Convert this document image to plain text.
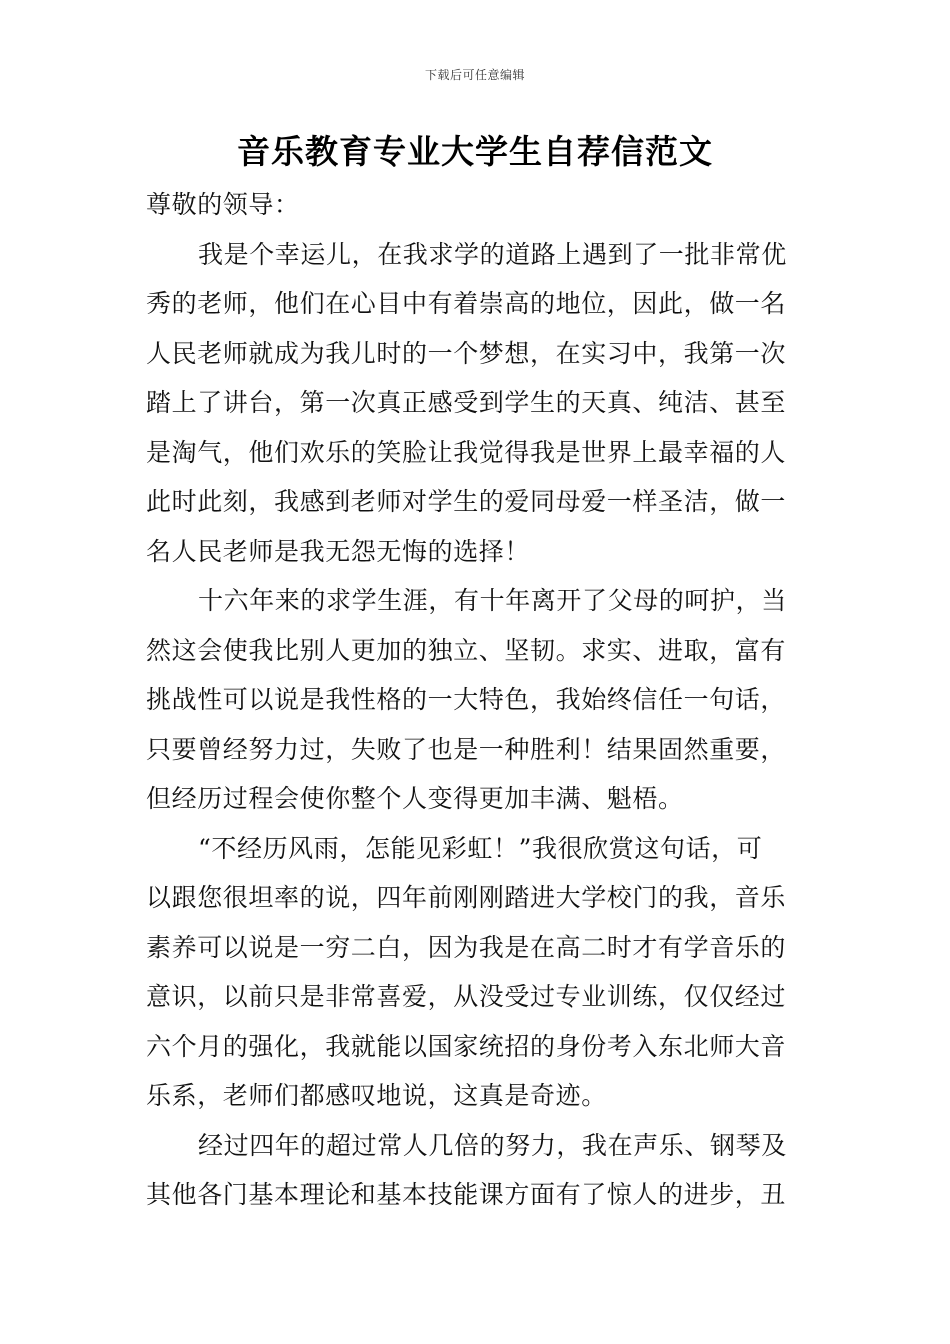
下载后可任意编辑
音乐教育专业大学生自荐信范文
尊敬的领导：

我是个幸运儿，在我求学的道路上遇到了一批非常优
秀的老师，他们在心目中有着崇高的地位，因此，做一名
人民老师就成为我儿时的一个梦想，在实习中，我第一次
踏上了讲台，第一次真正感受到学生的天真、纯洁、甚至
是淘气，他们欢乐的笑脸让我觉得我是世界上最幸福的人
此时此刻，我感到老师对学生的爱同母爱一样圣洁，做一
名人民老师是我无怨无悔的选择！

十六年来的求学生涯，有十年离开了父母的呵护，当
然这会使我比别人更加的独立、坚韧。求实、进取，富有
挑战性可以说是我性格的一大特色，我始终信任一句话，
只要曾经努力过，失败了也是一种胜利！结果固然重要，
但经历过程会使你整个人变得更加丰满、魁梧。

“不经历风雨，怎能见彩虹！”我很欣赏这句话，可
以跟您很坦率的说，四年前刚刚踏进大学校门的我，音乐
素养可以说是一穷二白，因为我是在高二时才有学音乐的
意识，以前只是非常喜爱，从没受过专业训练，仅仅经过
六个月的强化，我就能以国家统招的身份考入东北师大音
乐系，老师们都感叹地说，这真是奇迹。

经过四年的超过常人几倍的努力，我在声乐、钢琴及
其他各门基本理论和基本技能课方面有了惊人的进步，丑
